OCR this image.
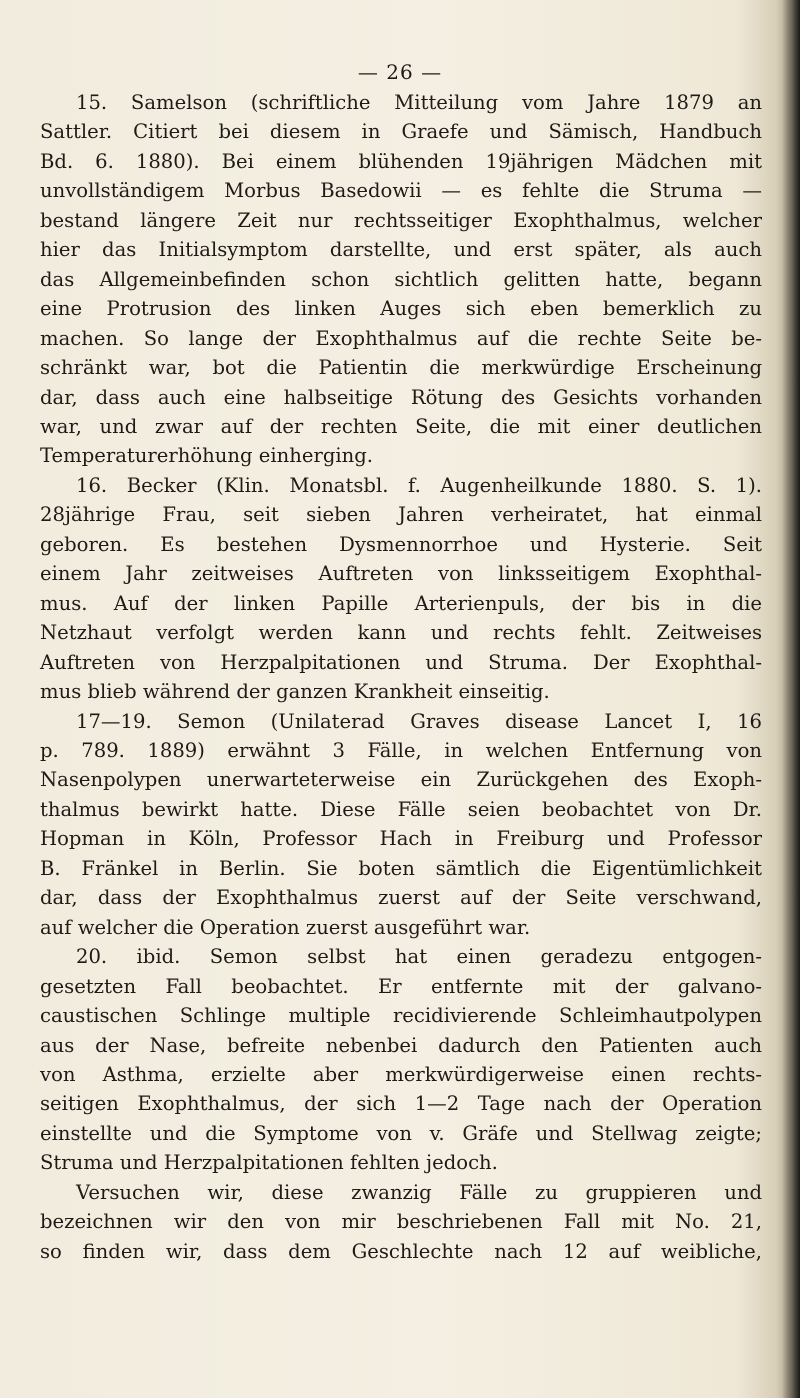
— 26 —
15. Samelson (schriftliche Mitteilung vom Jahre 1879 an
Sattler. Citiert bei diesem in Graefe und Sämisch, Handbuch
Bd. 6. 1880). Bei einem blühenden 19jährigen Mädchen mit
unvollständigem Morbus Basedowii — es fehlte die Struma —
bestand längere Zeit nur rechtsseitiger Exophthalmus, welcher
hier das Initialsymptom darstellte, und erst später, als auch
das Allgemeinbefinden schon sichtlich gelitten hatte, begann
eine Protrusion des linken Auges sich eben bemerklich zu
machen. So lange der Exophthalmus auf die rechte Seite be-
schränkt war, bot die Patientin die merkwürdige Erscheinung
dar, dass auch eine halbseitige Rötung des Gesichts vorhanden
war, und zwar auf der rechten Seite, die mit einer deutlichen
Temperaturerhöhung einherging.
16. Becker (Klin. Monatsbl. f. Augenheilkunde 1880. S. 1).
28jährige Frau, seit sieben Jahren verheiratet, hat einmal
geboren. Es bestehen Dysmennorrhoe und Hysterie. Seit
einem Jahr zeitweises Auftreten von linksseitigem Exophthal-
mus. Auf der linken Papille Arterienpuls, der bis in die
Netzhaut verfolgt werden kann und rechts fehlt. Zeitweises
Auftreten von Herzpalpitationen und Struma. Der Exophthal-
mus blieb während der ganzen Krankheit einseitig.
17—19. Semon (Unilaterad Graves disease Lancet I, 16
p. 789. 1889) erwähnt 3 Fälle, in welchen Entfernung von
Nasenpolypen unerwarteterweise ein Zurückgehen des Exoph-
thalmus bewirkt hatte. Diese Fälle seien beobachtet von Dr.
Hopman in Köln, Professor Hach in Freiburg und Professor
B. Fränkel in Berlin. Sie boten sämtlich die Eigentümlichkeit
dar, dass der Exophthalmus zuerst auf der Seite verschwand,
auf welcher die Operation zuerst ausgeführt war.
20. ibid. Semon selbst hat einen geradezu entgogen-
gesetzten Fall beobachtet. Er entfernte mit der galvano-
caustischen Schlinge multiple recidivierende Schleimhautpolypen
aus der Nase, befreite nebenbei dadurch den Patienten auch
von Asthma, erzielte aber merkwürdigerweise einen rechts-
seitigen Exophthalmus, der sich 1—2 Tage nach der Operation
einstellte und die Symptome von v. Gräfe und Stellwag zeigte;
Struma und Herzpalpitationen fehlten jedoch.
Versuchen wir, diese zwanzig Fälle zu gruppieren und
bezeichnen wir den von mir beschriebenen Fall mit No. 21,
so finden wir, dass dem Geschlechte nach 12 auf weibliche,
